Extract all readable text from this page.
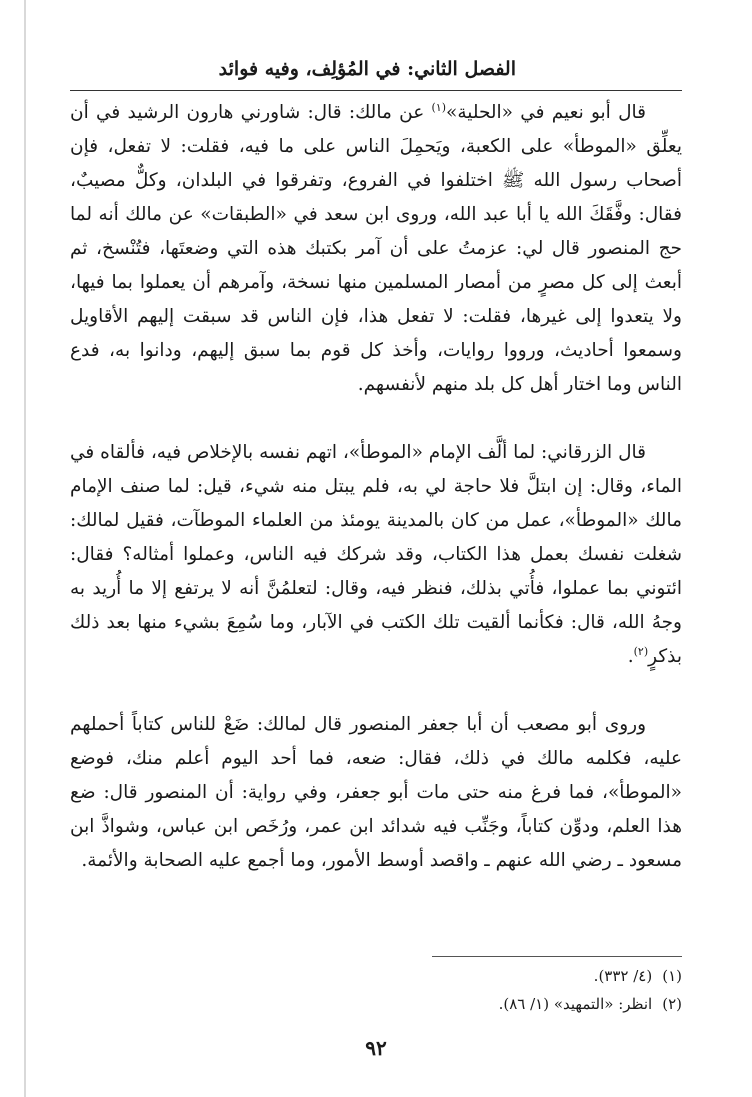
الفصل الثاني: في المُؤلِف، وفيه فوائد

قال أبو نعيم في «الحلية»$^{(١)}$ عن مالك: قال: شاورني هارون الرشيد في أن يعلِّق «الموطأ» على الكعبة، ويَحمِلَ الناس على ما فيه، فقلت: لا تفعل، فإن أصحاب رسول الله ﷺ اختلفوا في الفروع، وتفرقوا في البلدان، وكلٌّ مصيبٌ، فقال: وفَّقَكَ الله يا أبا عبد الله، وروى ابن سعد في «الطبقات» عن مالك أنه لما حج المنصور قال لي: عزمتُ على أن آمر بكتبك هذه التي وضعتَها، فتُنْسخ، ثم أبعث إلى كل مصرٍ من أمصار المسلمين منها نسخة، وآمرهم أن يعملوا بما فيها، ولا يتعدوا إلى غيرها، فقلت: لا تفعل هذا، فإن الناس قد سبقت إليهم الأقاويل وسمعوا أحاديث، ورووا روايات، وأخذ كل قوم بما سبق إليهم، ودانوا به، فدع الناس وما اختار أهل كل بلد منهم لأنفسهم.

قال الزرقاني: لما ألَّف الإمام «الموطأ»، اتهم نفسه بالإخلاص فيه، فألقاه في الماء، وقال: إن ابتلَّ فلا حاجة لي به، فلم يبتل منه شيء، قيل: لما صنف الإمام مالك «الموطأ»، عمل من كان بالمدينة يومئذ من العلماء الموطآت، فقيل لمالك: شغلت نفسك بعمل هذا الكتاب، وقد شركك فيه الناس، وعملوا أمثاله؟ فقال: ائتوني بما عملوا، فأُتي بذلك، فنظر فيه، وقال: لتعلمُنَّ أنه لا يرتفع إلا ما أُريد به وجهُ الله، قال: فكأنما ألقيت تلك الكتب في الآبار، وما سُمِعَ بشيء منها بعد ذلك بذكرٍ$^{(٢)}$.

وروى أبو مصعب أن أبا جعفر المنصور قال لمالك: ضَعْ للناس كتاباً أحملهم عليه، فكلمه مالك في ذلك، فقال: ضعه، فما أحد اليوم أعلم منك، فوضع «الموطأ»، فما فرغ منه حتى مات أبو جعفر، وفي رواية: أن المنصور قال: ضع هذا العلم، ودوِّن كتاباً، وجَنِّب فيه شدائد ابن عمر، ورُخَص ابن عباس، وشواذَّ ابن مسعود ـ رضي الله عنهم ـ واقصد أوسط الأمور، وما أجمع عليه الصحابة والأئمة.

(١)(٤/ ٣٣٢).

(٢)انظر: «التمهيد» (١/ ٨٦).

٩٢
